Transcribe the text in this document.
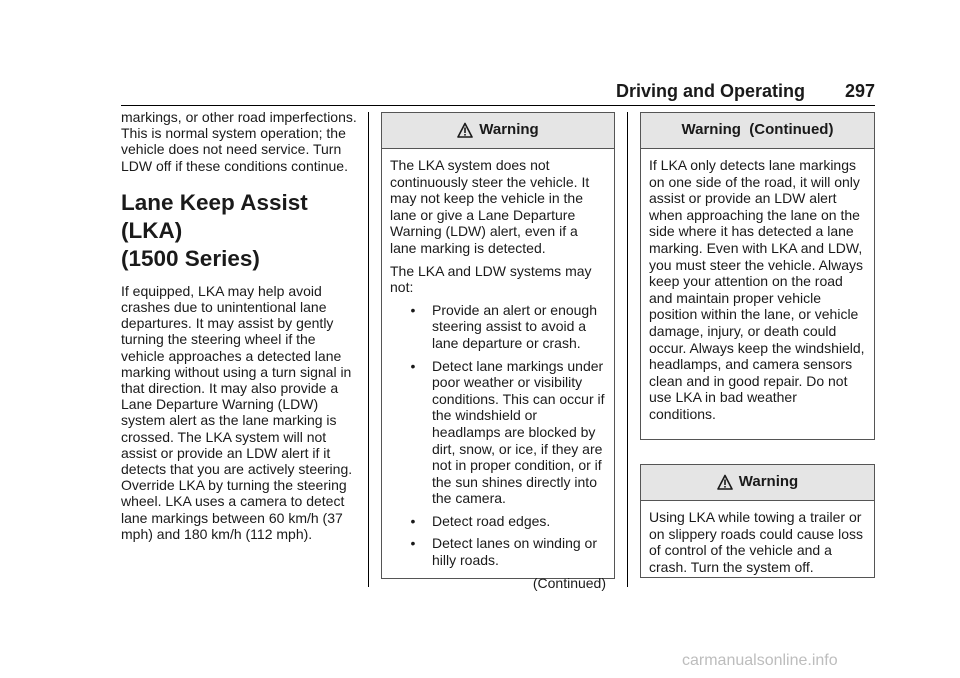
Driving and Operating 297

markings, or other road imperfections. This is normal system operation; the vehicle does not need service. Turn LDW off if these conditions continue.

Lane Keep Assist (LKA)
(1500 Series)

If equipped, LKA may help avoid crashes due to unintentional lane departures. It may assist by gently turning the steering wheel if the vehicle approaches a detected lane marking without using a turn signal in that direction. It may also provide a Lane Departure Warning (LDW) system alert as the lane marking is crossed. The LKA system will not assist or provide an LDW alert if it detects that you are actively steering. Override LKA by turning the steering wheel. LKA uses a camera to detect lane markings between 60 km/h (37 mph) and 180 km/h (112 mph).

Warning

The LKA system does not continuously steer the vehicle. It may not keep the vehicle in the lane or give a Lane Departure Warning (LDW) alert, even if a lane marking is detected.

The LKA and LDW systems may not:

•	Provide an alert or enough steering assist to avoid a lane departure or crash.
•	Detect lane markings under poor weather or visibility conditions. This can occur if the windshield or headlamps are blocked by dirt, snow, or ice, if they are not in proper condition, or if the sun shines directly into the camera.
•	Detect road edges.
•	Detect lanes on winding or hilly roads.
(Continued)
Warning  (Continued)

If LKA only detects lane markings on one side of the road, it will only assist or provide an LDW alert when approaching the lane on the side where it has detected a lane marking. Even with LKA and LDW, you must steer the vehicle. Always keep your attention on the road and maintain proper vehicle position within the lane, or vehicle damage, injury, or death could occur. Always keep the windshield, headlamps, and camera sensors clean and in good repair. Do not use LKA in bad weather conditions.

Warning

Using LKA while towing a trailer or on slippery roads could cause loss of control of the vehicle and a crash. Turn the system off.

carmanualsonline.info
